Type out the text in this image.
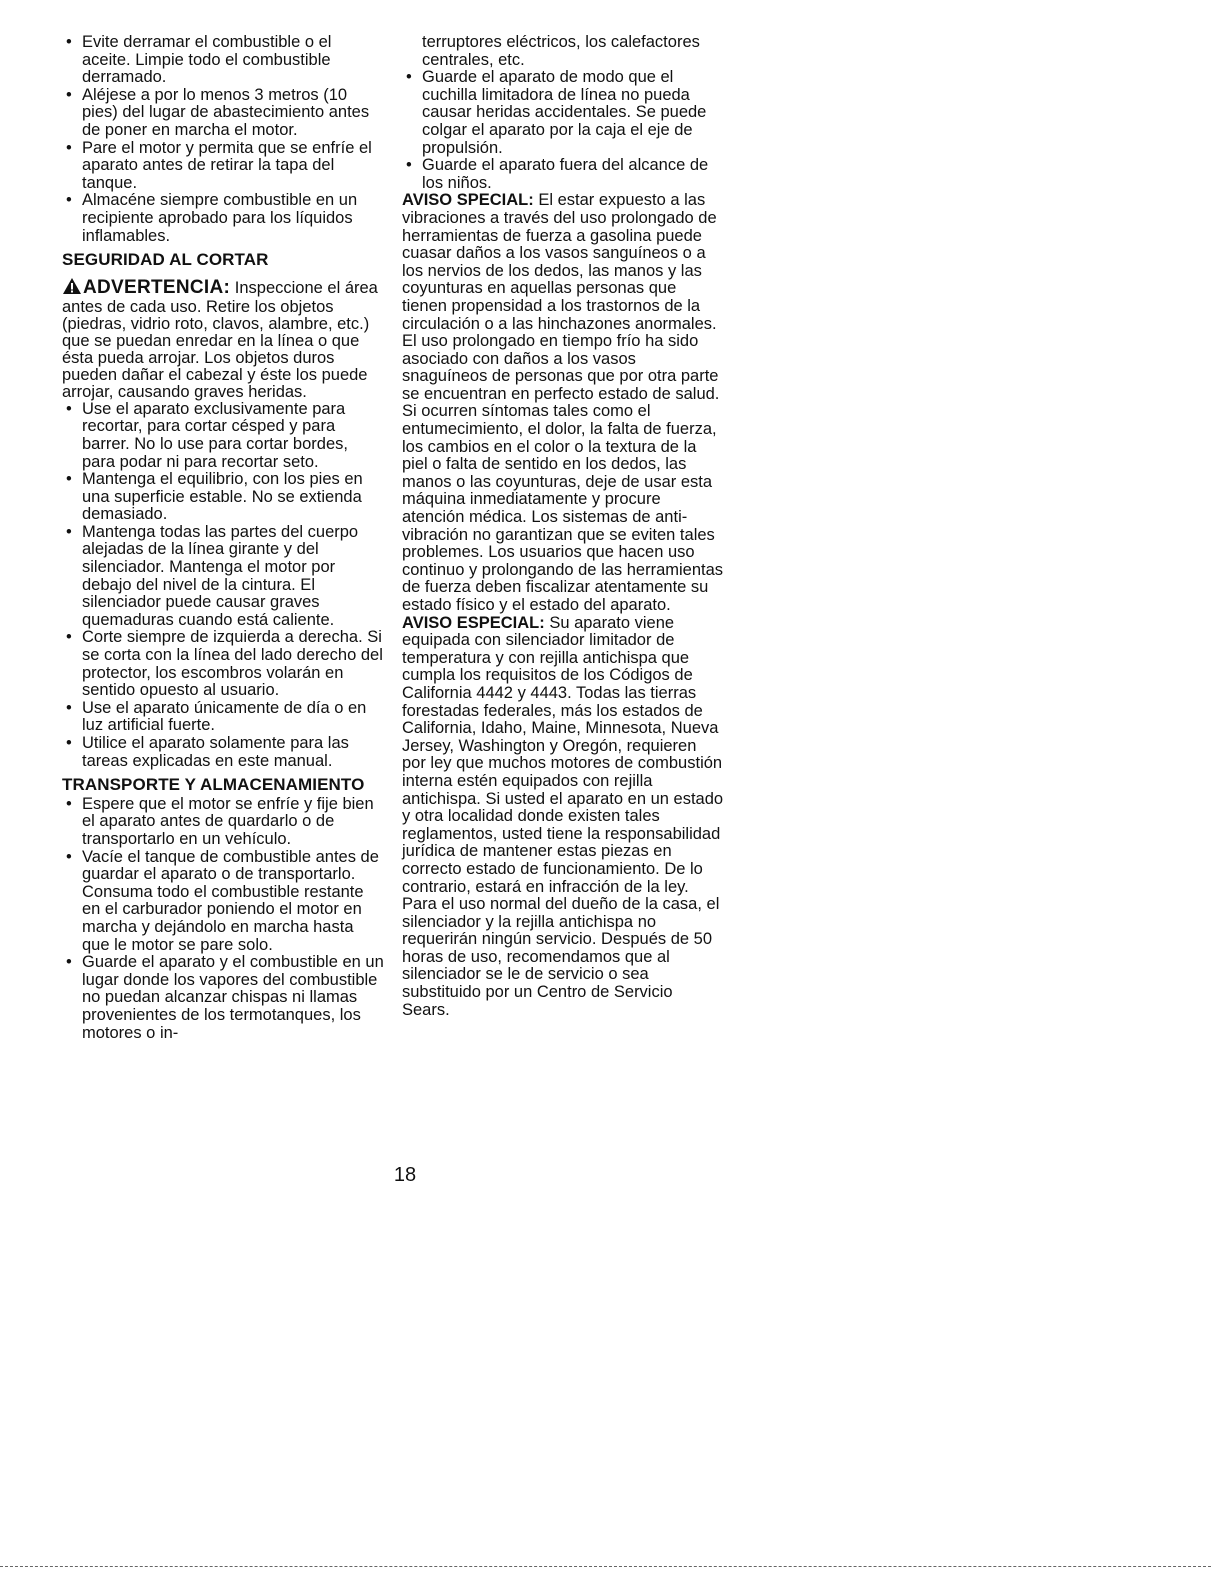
• Evite derramar el combustible o el aceite. Limpie todo el combustible derramado.
• Aléjese a por lo menos 3 metros (10 pies) del lugar de abastecimiento antes de poner en marcha el motor.
• Pare el motor y permita que se enfríe el aparato antes de retirar la tapa del tanque.
• Almacéne siempre combustible en un recipiente aprobado para los líquidos inflamables.
SEGURIDAD AL CORTAR
ADVERTENCIA: Inspeccione el área antes de cada uso. Retire los objetos (piedras, vidrio roto, clavos, alambre, etc.) que se puedan enredar en la línea o que ésta pueda arrojar. Los objetos duros pueden dañar el cabezal y éste los puede arrojar, causando graves heridas.
• Use el aparato exclusivamente para recortar, para cortar césped y para barrer. No lo use para cortar bordes, para podar ni para recortar seto.
• Mantenga el equilibrio, con los pies en una superficie estable. No se extienda demasiado.
• Mantenga todas las partes del cuerpo alejadas de la línea girante y del silenciador. Mantenga el motor por debajo del nivel de la cintura. El silenciador puede causar graves quemaduras cuando está caliente.
• Corte siempre de izquierda a derecha. Si se corta con la línea del lado derecho del protector, los escombros volarán en sentido opuesto al usuario.
• Use el aparato únicamente de día o en luz artificial fuerte.
• Utilice el aparato solamente para las tareas explicadas en este manual.
TRANSPORTE Y ALMACENAMIENTO
• Espere que el motor se enfríe y fije bien el aparato antes de quardarlo o de transportarlo en un vehículo.
• Vacíe el tanque de combustible antes de guardar el aparato o de transportarlo. Consuma todo el combustible restante en el carburador poniendo el motor en marcha y dejándolo en marcha hasta que le motor se pare solo.
• Guarde el aparato y el combustible en un lugar donde los vapores del combustible no puedan alcanzar chispas ni llamas provenientes de los termotanques, los motores o in-

terruptores eléctricos, los calefactores centrales, etc.

• Guarde el aparato de modo que el cuchilla limitadora de línea no pueda causar heridas accidentales. Se puede colgar el aparato por la caja el eje de propulsión.
• Guarde el aparato fuera del alcance de los niños.

AVISO SPECIAL: El estar expuesto a las vibraciones a través del uso prolongado de herramientas de fuerza a gasolina puede cuasar daños a los vasos sanguíneos o a los nervios de los dedos, las manos y las coyunturas en aquellas personas que tienen propensidad a los trastornos de la circulación o a las hinchazones anormales. El uso prolongado en tiempo frío ha sido asociado con daños a los vasos snaguíneos de personas que por otra parte se encuentran en perfecto estado de salud. Si ocurren síntomas tales como el entumecimiento, el dolor, la falta de fuerza, los cambios en el color o la textura de la piel o falta de sentido en los dedos, las manos o las coyunturas, deje de usar esta máquina inmediatamente y procure atención médica. Los sistemas de anti-vibración no garantizan que se eviten tales problemes. Los usuarios que hacen uso continuo y prolongando de las herramientas de fuerza deben fiscalizar atentamente su estado físico y el estado del aparato.

AVISO ESPECIAL: Su aparato viene equipada con silenciador limitador de temperatura y con rejilla antichispa que cumpla los requisitos de los Códigos de California 4442 y 4443. Todas las tierras forestadas federales, más los estados de California, Idaho, Maine, Minnesota, Nueva Jersey, Washington y Oregón, requieren por ley que muchos motores de combustión interna estén equipados con rejilla antichispa. Si usted el aparato en un estado y otra localidad donde existen tales reglamentos, usted tiene la responsabilidad jurídica de mantener estas piezas en correcto estado de funcionamiento. De lo contrario, estará en infracción de la ley. Para el uso normal del dueño de la casa, el silenciador y la rejilla antichispa no requerirán ningún servicio. Después de 50 horas de uso, recomendamos que al silenciador se le de servicio o sea substituido por un Centro de Servicio Sears.

18
